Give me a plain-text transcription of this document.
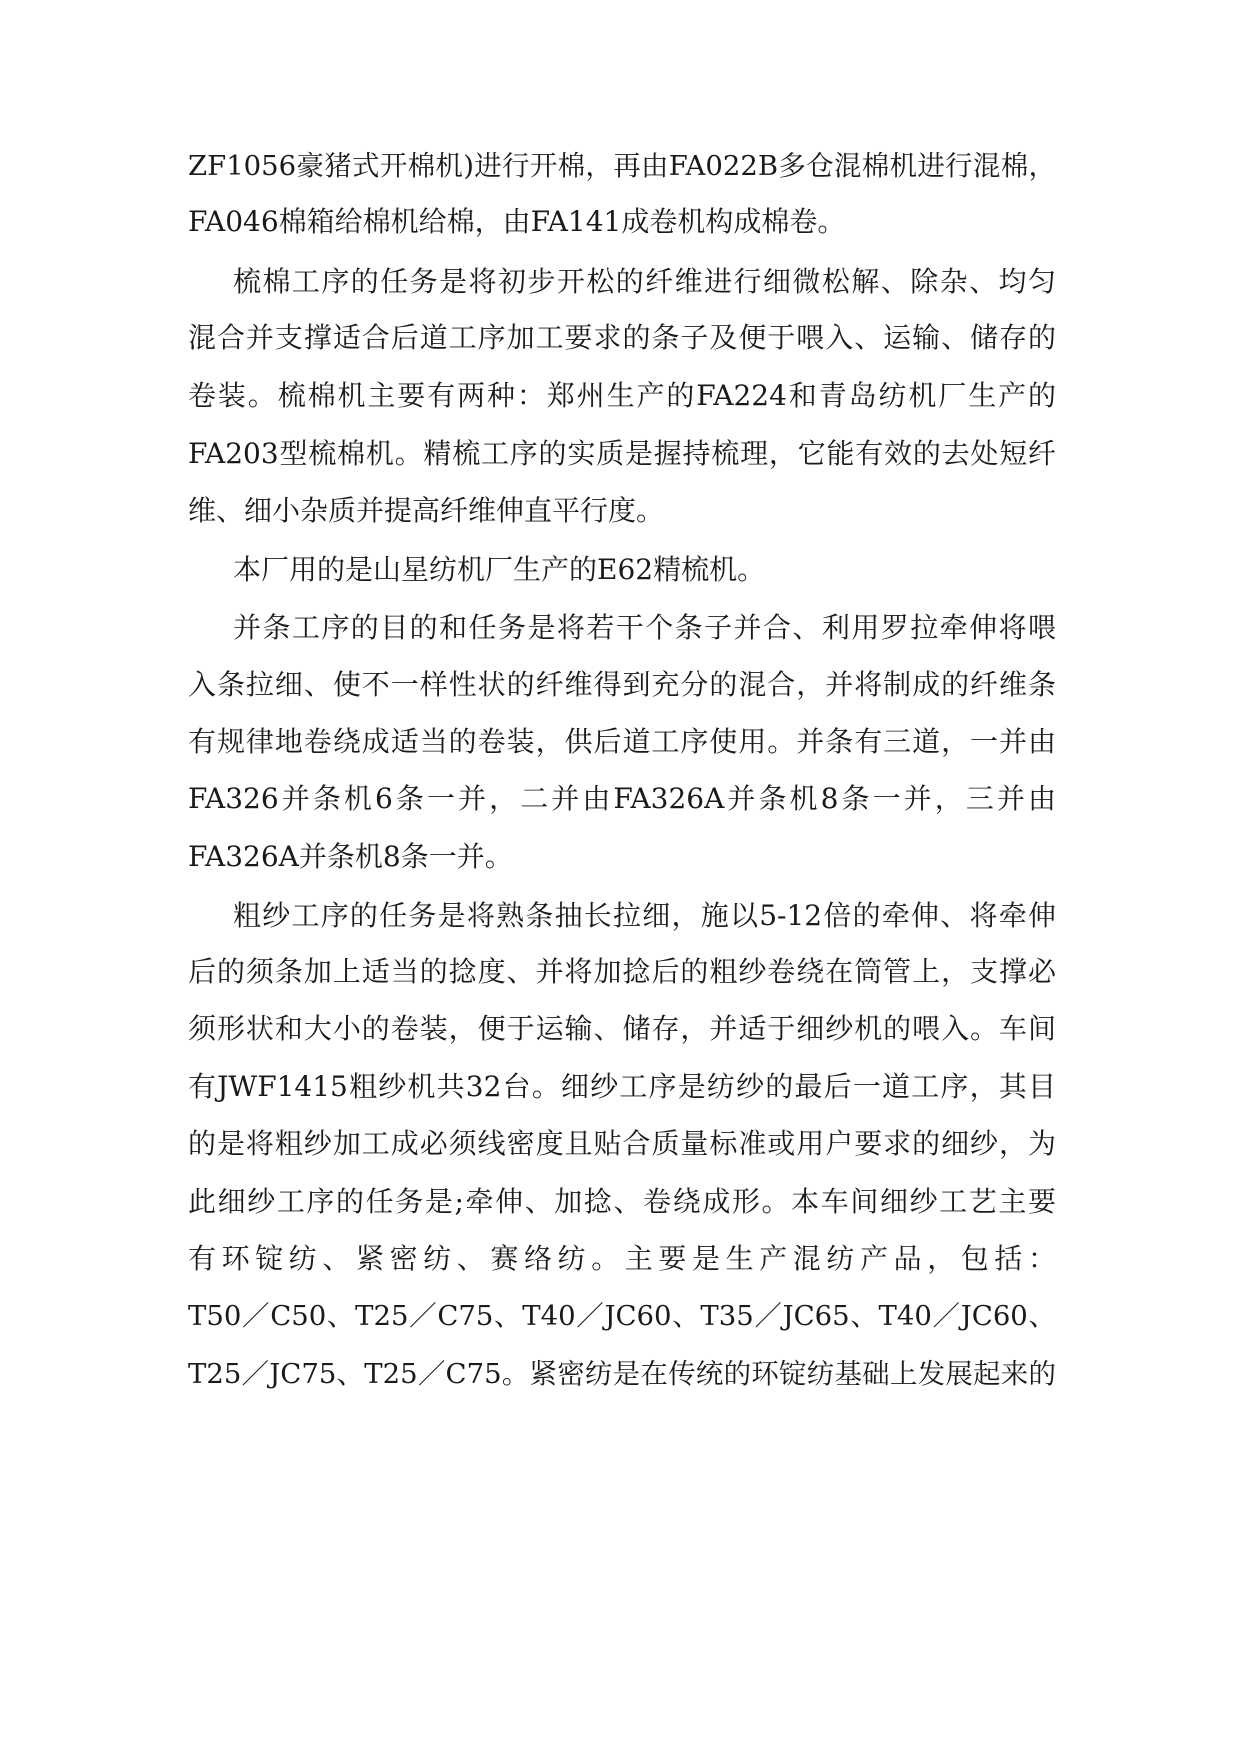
ZF1056豪猪式开棉机)进行开棉，再由FA022B多仓混棉机进行混棉，
FA046棉箱给棉机给棉，由FA141成卷机构成棉卷。
梳棉工序的任务是将初步开松的纤维进行细微松解、除杂、均匀
混合并支撑适合后道工序加工要求的条子及便于喂入、运输、储存的
卷装。梳棉机主要有两种：郑州生产的FA224和青岛纺机厂生产的
FA203型梳棉机。精梳工序的实质是握持梳理，它能有效的去处短纤
维、细小杂质并提高纤维伸直平行度。
本厂用的是山星纺机厂生产的E62精梳机。
并条工序的目的和任务是将若干个条子并合、利用罗拉牵伸将喂
入条拉细、使不一样性状的纤维得到充分的混合，并将制成的纤维条
有规律地卷绕成适当的卷装，供后道工序使用。并条有三道，一并由
FA326并条机6条一并，二并由FA326A并条机8条一并，三并由
FA326A并条机8条一并。
粗纱工序的任务是将熟条抽长拉细，施以5-12倍的牵伸、将牵伸
后的须条加上适当的捻度、并将加捻后的粗纱卷绕在筒管上，支撑必
须形状和大小的卷装，便于运输、储存，并适于细纱机的喂入。车间
有JWF1415粗纱机共32台。细纱工序是纺纱的最后一道工序，其目
的是将粗纱加工成必须线密度且贴合质量标准或用户要求的细纱，为
此细纱工序的任务是;牵伸、加捻、卷绕成形。本车间细纱工艺主要
有环锭纺、紧密纺、赛络纺。主要是生产混纺产品，包括：
T50／C50、T25／C75、T40／JC60、T35／JC65、T40／JC60、
T25／JC75、T25／C75。紧密纺是在传统的环锭纺基础上发展起来的
